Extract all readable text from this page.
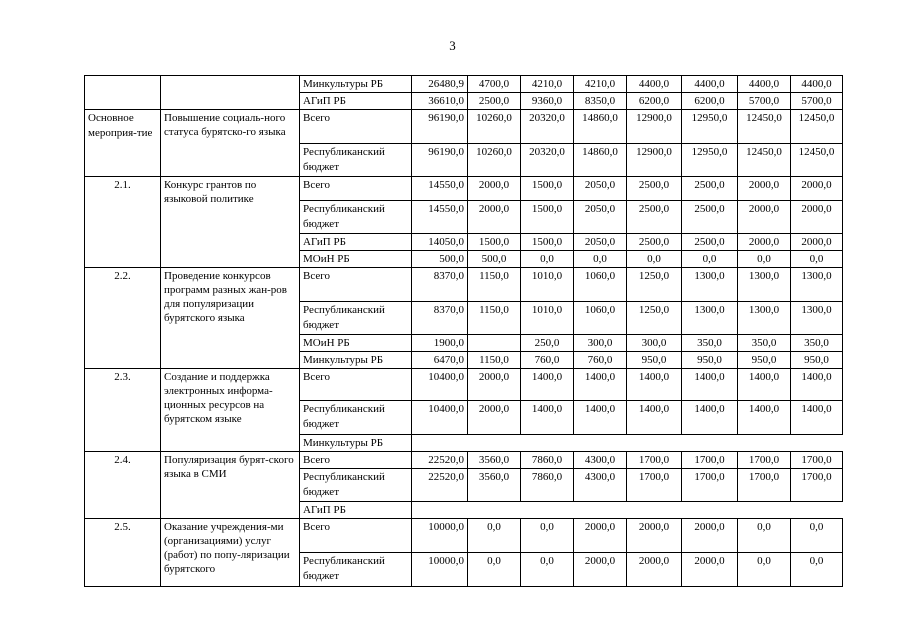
3
		Минкультуры РБ	26480,9	4700,0	4210,0	4210,0	4400,0	4400,0	4400,0	4400,0
		АГиП РБ	36610,0	2500,0	9360,0	8350,0	6200,0	6200,0	5700,0	5700,0
Основное мероприя-тие	Повышение социаль-ного статуса бурятско-го языка	Всего	96190,0	10260,0	20320,0	14860,0	12900,0	12950,0	12450,0	12450,0
		Республиканский бюджет	96190,0	10260,0	20320,0	14860,0	12900,0	12950,0	12450,0	12450,0
2.1.	Конкурс грантов по языковой политике	Всего	14550,0	2000,0	1500,0	2050,0	2500,0	2500,0	2000,0	2000,0
		Республиканский бюджет	14550,0	2000,0	1500,0	2050,0	2500,0	2500,0	2000,0	2000,0
		АГиП РБ	14050,0	1500,0	1500,0	2050,0	2500,0	2500,0	2000,0	2000,0
		МОиН РБ	500,0	500,0	0,0	0,0	0,0	0,0	0,0	0,0
2.2.	Проведение конкурсов программ разных жан-ров для популяризации бурятского языка	Всего	8370,0	1150,0	1010,0	1060,0	1250,0	1300,0	1300,0	1300,0
		Республиканский бюджет	8370,0	1150,0	1010,0	1060,0	1250,0	1300,0	1300,0	1300,0
		МОиН РБ	1900,0		250,0	300,0	300,0	350,0	350,0	350,0
		Минкультуры РБ	6470,0	1150,0	760,0	760,0	950,0	950,0	950,0	950,0
2.3.	Создание и поддержка электронных информа-ционных ресурсов на бурятском языке	Всего	10400,0	2000,0	1400,0	1400,0	1400,0	1400,0	1400,0	1400,0
		Республиканский бюджет	10400,0	2000,0	1400,0	1400,0	1400,0	1400,0	1400,0	1400,0
		Минкультуры РБ								
2.4.	Популяризация бурят-ского языка в СМИ	Всего	22520,0	3560,0	7860,0	4300,0	1700,0	1700,0	1700,0	1700,0
		Республиканский бюджет	22520,0	3560,0	7860,0	4300,0	1700,0	1700,0	1700,0	1700,0
		АГиП РБ								
2.5.	Оказание учреждения-ми (организациями) услуг (работ) по попу-ляризации бурятского	Всего	10000,0	0,0	0,0	2000,0	2000,0	2000,0	0,0	0,0
		Республиканский бюджет	10000,0	0,0	0,0	2000,0	2000,0	2000,0	0,0	0,0
